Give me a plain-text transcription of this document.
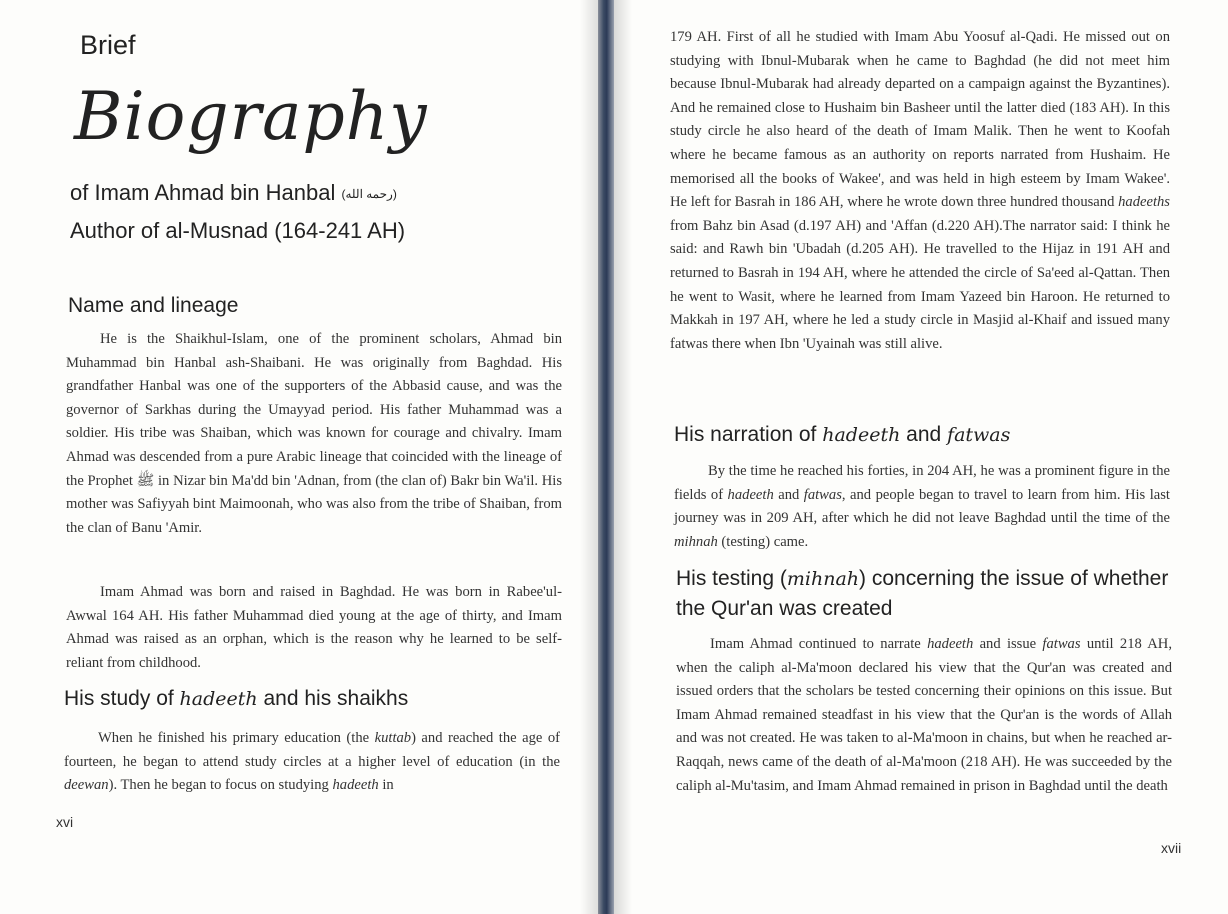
Brief
Biography
of Imam Ahmad bin Hanbal (رحمه الله)
Author of al-Musnad (164-241 AH)
Name and lineage

He is the Shaikhul-Islam, one of the prominent scholars, Ahmad bin Muhammad bin Hanbal ash-Shaibani. He was originally from Baghdad. His grandfather Hanbal was one of the supporters of the Abbasid cause, and was the governor of Sarkhas during the Umayyad period. His father Muhammad was a soldier. His tribe was Shaiban, which was known for courage and chivalry. Imam Ahmad was descended from a pure Arabic lineage that coincided with the lineage of the Prophet ﷺ in Nizar bin Ma'dd bin 'Adnan, from (the clan of) Bakr bin Wa'il. His mother was Safiyyah bint Maimoonah, who was also from the tribe of Shaiban, from the clan of Banu 'Amir.

Imam Ahmad was born and raised in Baghdad. He was born in Rabee'ul-Awwal 164 AH. His father Muhammad died young at the age of thirty, and Imam Ahmad was raised as an orphan, which is the reason why he learned to be self-reliant from childhood.

His study of hadeeth and his shaikhs

When he finished his primary education (the kuttab) and reached the age of fourteen, he began to attend study circles at a higher level of education (in the deewan). Then he began to focus on studying hadeeth in

xvi

179 AH. First of all he studied with Imam Abu Yoosuf al-Qadi. He missed out on studying with Ibnul-Mubarak when he came to Baghdad (he did not meet him because Ibnul-Mubarak had already departed on a campaign against the Byzantines). And he remained close to Hushaim bin Basheer until the latter died (183 AH). In this study circle he also heard of the death of Imam Malik. Then he went to Koofah where he became famous as an authority on reports narrated from Hushaim. He memorised all the books of Wakee', and was held in high esteem by Imam Wakee'. He left for Basrah in 186 AH, where he wrote down three hundred thousand hadeeths from Bahz bin Asad (d.197 AH) and 'Affan (d.220 AH).The narrator said: I think he said: and Rawh bin 'Ubadah (d.205 AH). He travelled to the Hijaz in 191 AH and returned to Basrah in 194 AH, where he attended the circle of Sa'eed al-Qattan. Then he went to Wasit, where he learned from Imam Yazeed bin Haroon. He returned to Makkah in 197 AH, where he led a study circle in Masjid al-Khaif and issued many fatwas there when Ibn 'Uyainah was still alive.

His narration of hadeeth and fatwas

By the time he reached his forties, in 204 AH, he was a prominent figure in the fields of hadeeth and fatwas, and people began to travel to learn from him. His last journey was in 209 AH, after which he did not leave Baghdad until the time of the mihnah (testing) came.

His testing (mihnah) concerning the issue of whether the Qur'an was created

Imam Ahmad continued to narrate hadeeth and issue fatwas until 218 AH, when the caliph al-Ma'moon declared his view that the Qur'an was created and issued orders that the scholars be tested concerning their opinions on this issue. But Imam Ahmad remained steadfast in his view that the Qur'an is the words of Allah and was not created. He was taken to al-Ma'moon in chains, but when he reached ar-Raqqah, news came of the death of al-Ma'moon (218 AH). He was succeeded by the caliph al-Mu'tasim, and Imam Ahmad remained in prison in Baghdad until the death

xvii
